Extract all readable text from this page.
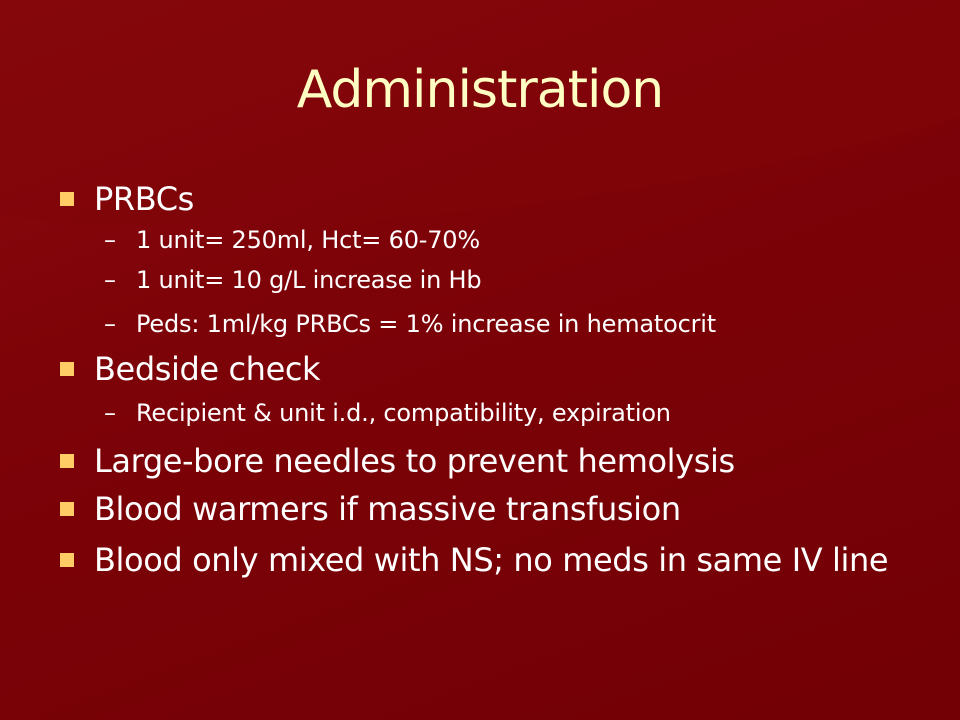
Administration
PRBCs
– 1 unit= 250ml, Hct= 60-70%
– 1 unit= 10 g/L increase in Hb
– Peds: 1ml/kg PRBCs = 1% increase in hematocrit
Bedside check
– Recipient & unit i.d., compatibility, expiration
Large-bore needles to prevent hemolysis
Blood warmers if massive transfusion
Blood only mixed with NS; no meds in same IV line
